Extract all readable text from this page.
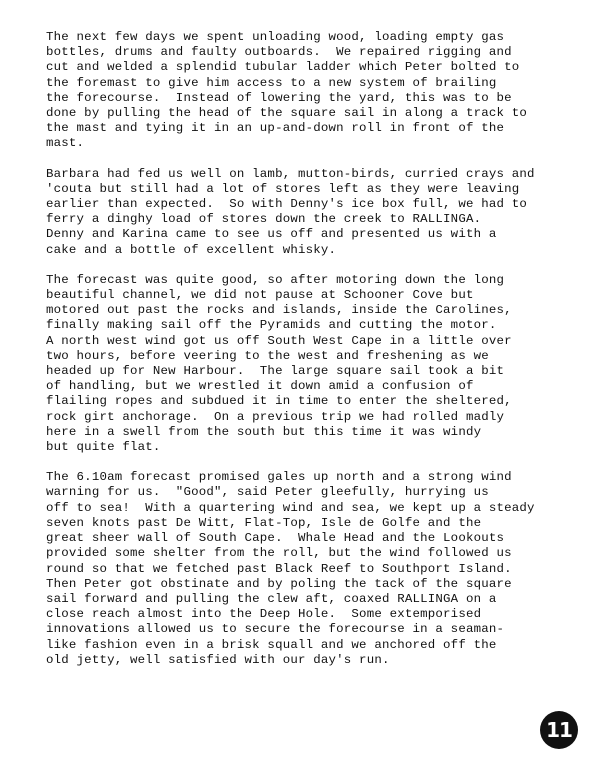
The next few days we spent unloading wood, loading empty gas
bottles, drums and faulty outboards.  We repaired rigging and
cut and welded a splendid tubular ladder which Peter bolted to
the foremast to give him access to a new system of brailing
the forecourse.  Instead of lowering the yard, this was to be
done by pulling the head of the square sail in along a track to
the mast and tying it in an up-and-down roll in front of the
mast.
Barbara had fed us well on lamb, mutton-birds, curried crays and
'couta but still had a lot of stores left as they were leaving
earlier than expected.  So with Denny's ice box full, we had to
ferry a dinghy load of stores down the creek to RALLINGA.
Denny and Karina came to see us off and presented us with a
cake and a bottle of excellent whisky.
The forecast was quite good, so after motoring down the long
beautiful channel, we did not pause at Schooner Cove but
motored out past the rocks and islands, inside the Carolines,
finally making sail off the Pyramids and cutting the motor.
A north west wind got us off South West Cape in a little over
two hours, before veering to the west and freshening as we
headed up for New Harbour.  The large square sail took a bit
of handling, but we wrestled it down amid a confusion of
flailing ropes and subdued it in time to enter the sheltered,
rock girt anchorage.  On a previous trip we had rolled madly
here in a swell from the south but this time it was windy
but quite flat.
The 6.10am forecast promised gales up north and a strong wind
warning for us.  "Good", said Peter gleefully, hurrying us
off to sea!  With a quartering wind and sea, we kept up a steady
seven knots past De Witt, Flat-Top, Isle de Golfe and the
great sheer wall of South Cape.  Whale Head and the Lookouts
provided some shelter from the roll, but the wind followed us
round so that we fetched past Black Reef to Southport Island.
Then Peter got obstinate and by poling the tack of the square
sail forward and pulling the clew aft, coaxed RALLINGA on a
close reach almost into the Deep Hole.  Some extemporised
innovations allowed us to secure the forecourse in a seaman-
like fashion even in a brisk squall and we anchored off the
old jetty, well satisfied with our day's run.
11
